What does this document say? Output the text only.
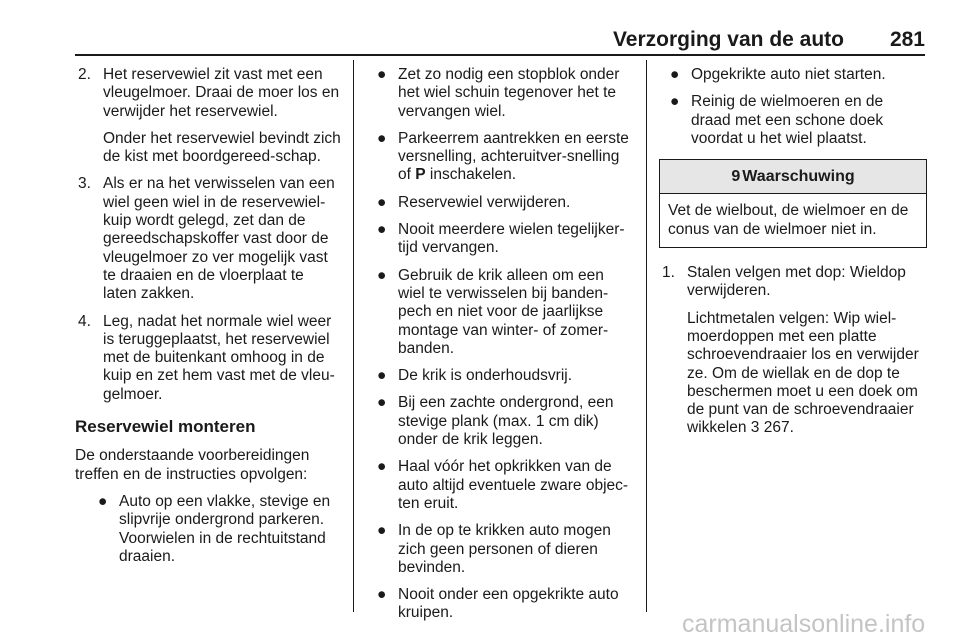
Verzorging van de auto 281
2. Het reservewiel zit vast met een vleugelmoer. Draai de moer los en verwijder het reservewiel.

Onder het reservewiel bevindt zich de kist met boordgereed-schap.

3. Als er na het verwisselen van een wiel geen wiel in de reservewiel-kuip wordt gelegd, zet dan de gereedschapskoffer vast door de vleugelmoer zo ver mogelijk vast te draaien en de vloerplaat te laten zakken.

4. Leg, nadat het normale wiel weer is teruggeplaatst, het reservewiel met de buitenkant omhoog in de kuip en zet hem vast met de vleu-gelmoer.

Reservewiel monteren

De onderstaande voorbereidingen treffen en de instructies opvolgen:

● Auto op een vlakke, stevige en slipvrije ondergrond parkeren. Voorwielen in de rechtuitstand draaien.
● Zet zo nodig een stopblok onder het wiel schuin tegenover het te vervangen wiel.
● Parkeerrem aantrekken en eerste versnelling, achteruitver-snelling of P inschakelen.
● Reservewiel verwijderen.
● Nooit meerdere wielen tegelijker-tijd vervangen.
● Gebruik de krik alleen om een wiel te verwisselen bij banden-pech en niet voor de jaarlijkse montage van winter- of zomer-banden.
● De krik is onderhoudsvrij.
● Bij een zachte ondergrond, een stevige plank (max. 1 cm dik) onder de krik leggen.
● Haal vóór het opkrikken van de auto altijd eventuele zware objec-ten eruit.
● In de op te krikken auto mogen zich geen personen of dieren bevinden.
● Nooit onder een opgekrikte auto kruipen.
● Opgekrikte auto niet starten.
● Reinig de wielmoeren en de draad met een schone doek voordat u het wiel plaatst.
9 Waarschuwing
Vet de wielbout, de wielmoer en de conus van de wielmoer niet in.
1. Stalen velgen met dop: Wieldop verwijderen.

Lichtmetalen velgen: Wip wiel-moerdoppen met een platte schroevendraaier los en verwijder ze. Om de wiellak en de dop te beschermen moet u een doek om de punt van de schroevendraaier wikkelen 3 267.

carmanualsonline.info
